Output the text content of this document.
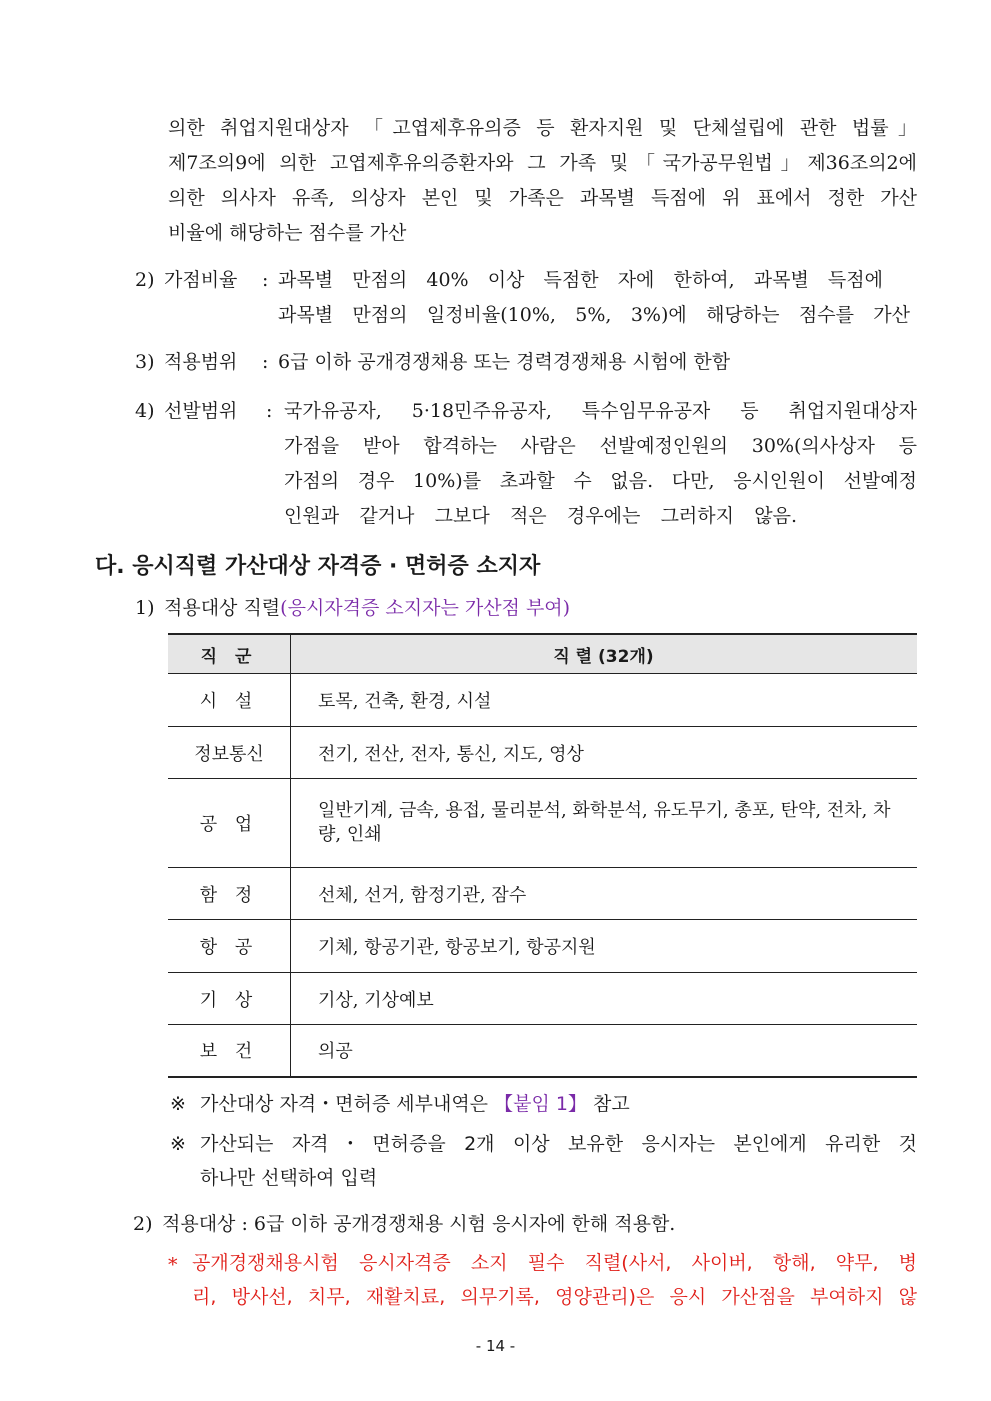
의한 취업지원대상자 「고엽제후유의증 등 환자지원 및 단체설립에 관한 법률」
제7조의9에 의한 고엽제후유의증환자와 그 가족 및「국가공무원법」제36조의2에
의한 의사자 유족, 의상자 본인 및 가족은 과목별 득점에 위 표에서 정한 가산
비율에 해당하는 점수를 가산
2) 가점비율 : 과목별 만점의 40% 이상 득점한 자에 한하여, 과목별 득점에
과목별 만점의 일정비율(10%, 5%, 3%)에 해당하는 점수를 가산
3) 적용범위 : 6급 이하 공개경쟁채용 또는 경력경쟁채용 시험에 한함
4) 선발범위 : 국가유공자, 5·18민주유공자, 특수임무유공자 등 취업지원대상자
가점을 받아 합격하는 사람은 선발예정인원의 30%(의사상자 등
가점의 경우 10%)를 초과할 수 없음. 다만, 응시인원이 선발예정
인원과 같거나 그보다 적은 경우에는 그러하지 않음.
다. 응시직렬 가산대상 자격증 · 면허증 소지자
1) 적용대상 직렬(응시자격증 소지자는 가산점 부여)
직 군	직 렬 (32개)
시 설	토목, 건축, 환경, 시설
정보통신	전기, 전산, 전자, 통신, 지도, 영상
공 업	일반기계, 금속, 용접, 물리분석, 화학분석, 유도무기, 총포, 탄약, 전차, 차량, 인쇄
함 정	선체, 선거, 함정기관, 잠수
항 공	기체, 항공기관, 항공보기, 항공지원
기 상	기상, 기상예보
보 건	의공
※ 가산대상 자격・면허증 세부내역은 【붙임 1】 참고
※ 가산되는 자격・면허증을 2개 이상 보유한 응시자는 본인에게 유리한 것
하나만 선택하여 입력
2) 적용대상 : 6급 이하 공개경쟁채용 시험 응시자에 한해 적용함.
* 공개경쟁채용시험 응시자격증 소지 필수 직렬(사서, 사이버, 항해, 약무, 병
리, 방사선, 치무, 재활치료, 의무기록, 영양관리)은 응시 가산점을 부여하지 않
- 14 -
